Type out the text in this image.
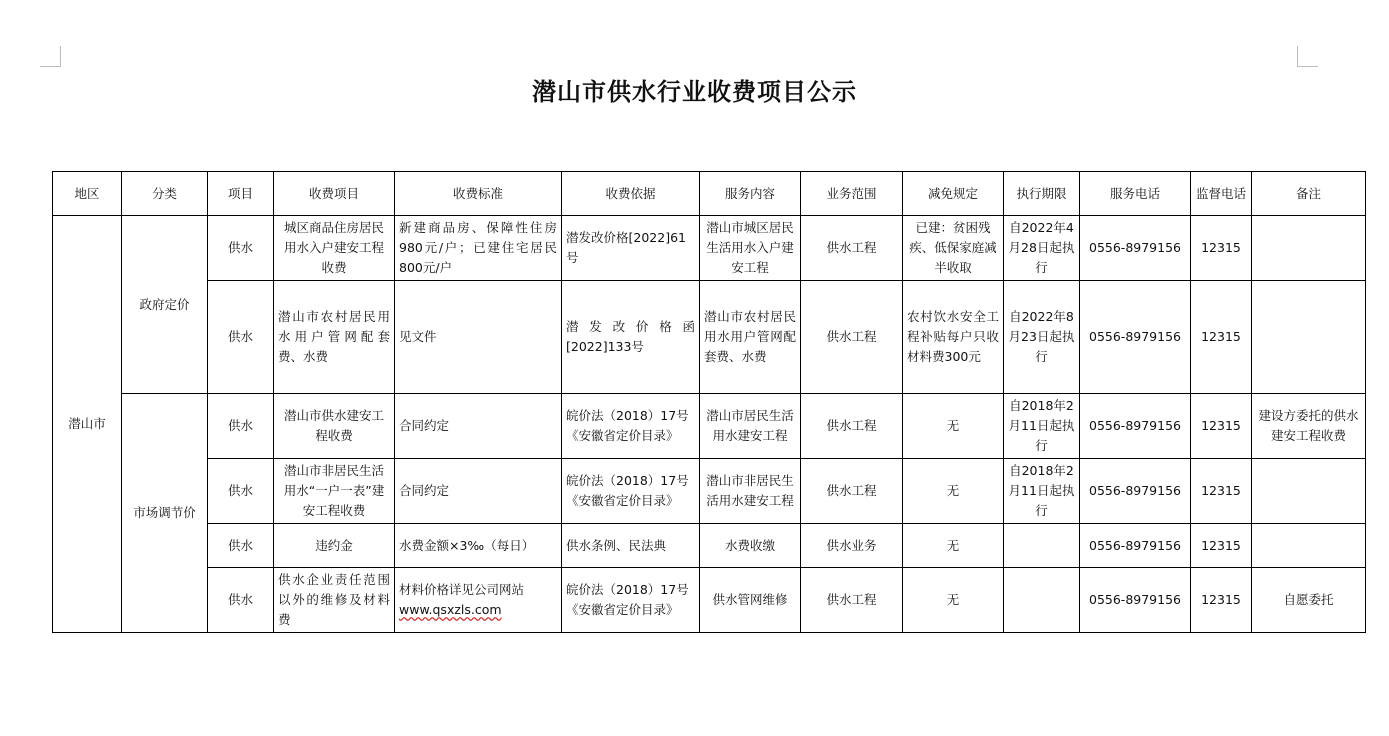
潜山市供水行业收费项目公示
地区	分类	项目	收费项目	收费标准	收费依据	服务内容	业务范围	减免规定	执行期限	服务电话	监督电话	备注
潜山市	政府定价	供水	城区商品住房居民用水入户建安工程收费	新建商品房、保障性住房980元/户；已建住宅居民800元/户	潜发改价格[2022]61号	潜山市城区居民生活用水入户建安工程	供水工程	已建：贫困残疾、低保家庭减半收取	自2022年4月28日起执行	0556-8979156	12315	
		供水	潜山市农村居民用水用户管网配套费、水费	见文件	潜发改价格函[2022]133号	潜山市农村居民用水用户管网配套费、水费	供水工程	农村饮水安全工程补贴每户只收材料费300元	自2022年8月23日起执行	0556-8979156	12315	
	市场调节价	供水	潜山市供水建安工程收费	合同约定	皖价法（2018）17号《安徽省定价目录》	潜山市居民生活用水建安工程	供水工程	无	自2018年2月11日起执行	0556-8979156	12315	建设方委托的供水建安工程收费
		供水	潜山市非居民生活用水“一户一表”建安工程收费	合同约定	皖价法（2018）17号《安徽省定价目录》	潜山市非居民生活用水建安工程	供水工程	无	自2018年2月11日起执行	0556-8979156	12315	
		供水	违约金	水费金额×3‰（每日）	供水条例、民法典	水费收缴	供水业务	无		0556-8979156	12315	
		供水	供水企业责任范围以外的维修及材料费	材料价格详见公司网站
www.qsxzls.com	皖价法（2018）17号《安徽省定价目录》	供水管网维修	供水工程	无		0556-8979156	12315	自愿委托
